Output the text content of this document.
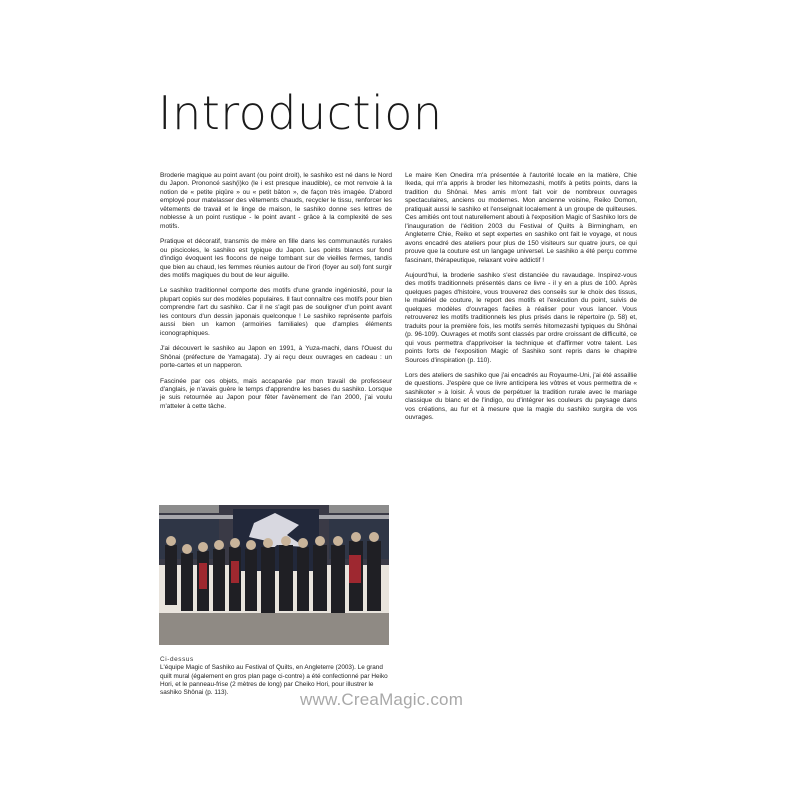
Introduction

Broderie magique au point avant (ou point droit), le sashiko est né dans le Nord du Japon. Prononcé sash(i)ko (le i est presque inaudible), ce mot renvoie à la notion de « petite piqûre » ou « petit bâton », de façon très imagée. D'abord employé pour matelasser des vêtements chauds, recycler le tissu, renforcer les vêtements de travail et le linge de maison, le sashiko donne ses lettres de noblesse à un point rustique - le point avant - grâce à la complexité de ses motifs.

Pratique et décoratif, transmis de mère en fille dans les communautés rurales ou piscicoles, le sashiko est typique du Japon. Les points blancs sur fond d'indigo évoquent les flocons de neige tombant sur de vieilles fermes, tandis que bien au chaud, les femmes réunies autour de l'irori (foyer au sol) font surgir des motifs magiques du bout de leur aiguille.

Le sashiko traditionnel comporte des motifs d'une grande ingéniosité, pour la plupart copiés sur des modèles populaires. Il faut connaître ces motifs pour bien comprendre l'art du sashiko. Car il ne s'agit pas de souligner d'un point avant les contours d'un dessin japonais quelconque ! Le sashiko représente parfois aussi bien un kamon (armoiries familiales) que d'amples éléments iconographiques.

J'ai découvert le sashiko au Japon en 1991, à Yuza-machi, dans l'Ouest du Shônai (préfecture de Yamagata). J'y ai reçu deux ouvrages en cadeau : un porte-cartes et un napperon.

Fascinée par ces objets, mais accaparée par mon travail de professeur d'anglais, je n'avais guère le temps d'apprendre les bases du sashiko. Lorsque je suis retournée au Japon pour fêter l'avènement de l'an 2000, j'ai voulu m'atteler à cette tâche.

Le maire Ken Onedira m'a présentée à l'autorité locale en la matière, Chie Ikeda, qui m'a appris à broder les hitomezashi, motifs à petits points, dans la tradition du Shônai. Mes amis m'ont fait voir de nombreux ouvrages spectaculaires, anciens ou modernes. Mon ancienne voisine, Reiko Domon, pratiquait aussi le sashiko et l'enseignait localement à un groupe de quilteuses. Ces amitiés ont tout naturellement abouti à l'exposition Magic of Sashiko lors de l'inauguration de l'édition 2003 du Festival of Quilts à Birmingham, en Angleterre Chie, Reiko et sept expertes en sashiko ont fait le voyage, et nous avons encadré des ateliers pour plus de 150 visiteurs sur quatre jours, ce qui prouve que la couture est un langage universel. Le sashiko a été perçu comme fascinant, thérapeutique, relaxant voire addictif !

Aujourd'hui, la broderie sashiko s'est distanciée du ravaudage. Inspirez-vous des motifs traditionnels présentés dans ce livre - il y en a plus de 100. Après quelques pages d'histoire, vous trouverez des conseils sur le choix des tissus, le matériel de couture, le report des motifs et l'exécution du point, suivis de quelques modèles d'ouvrages faciles à réaliser pour vous lancer. Vous retrouverez les motifs traditionnels les plus prisés dans le répertoire (p. 58) et, traduits pour la première fois, les motifs serrés hitomezashi typiques du Shônai (p. 96-109). Ouvrages et motifs sont classés par ordre croissant de difficulté, ce qui vous permettra d'apprivoiser la technique et d'affirmer votre talent. Les points forts de l'exposition Magic of Sashiko sont repris dans le chapitre Sources d'inspiration (p. 110).

Lors des ateliers de sashiko que j'ai encadrés au Royaume-Uni, j'ai été assaillie de questions. J'espère que ce livre anticipera les vôtres et vous permettra de « sashikoter » à loisir. À vous de perpétuer la tradition rurale avec le mariage classique du blanc et de l'indigo, ou d'intégrer les couleurs du paysage dans vos créations, au fur et à mesure que la magie du sashiko surgira de vos ouvrages.

Ci-dessus
L'équipe Magic of Sashiko au Festival of Quilts, en Angleterre (2003). Le grand quilt mural (également en gros plan page ci-contre) a été confectionné par Heiko Hori, et le panneau-frise (2 mètres de long) par Cheiko Hori, pour illustrer le sashiko Shônai (p. 113).	www.CreaMagic.com
